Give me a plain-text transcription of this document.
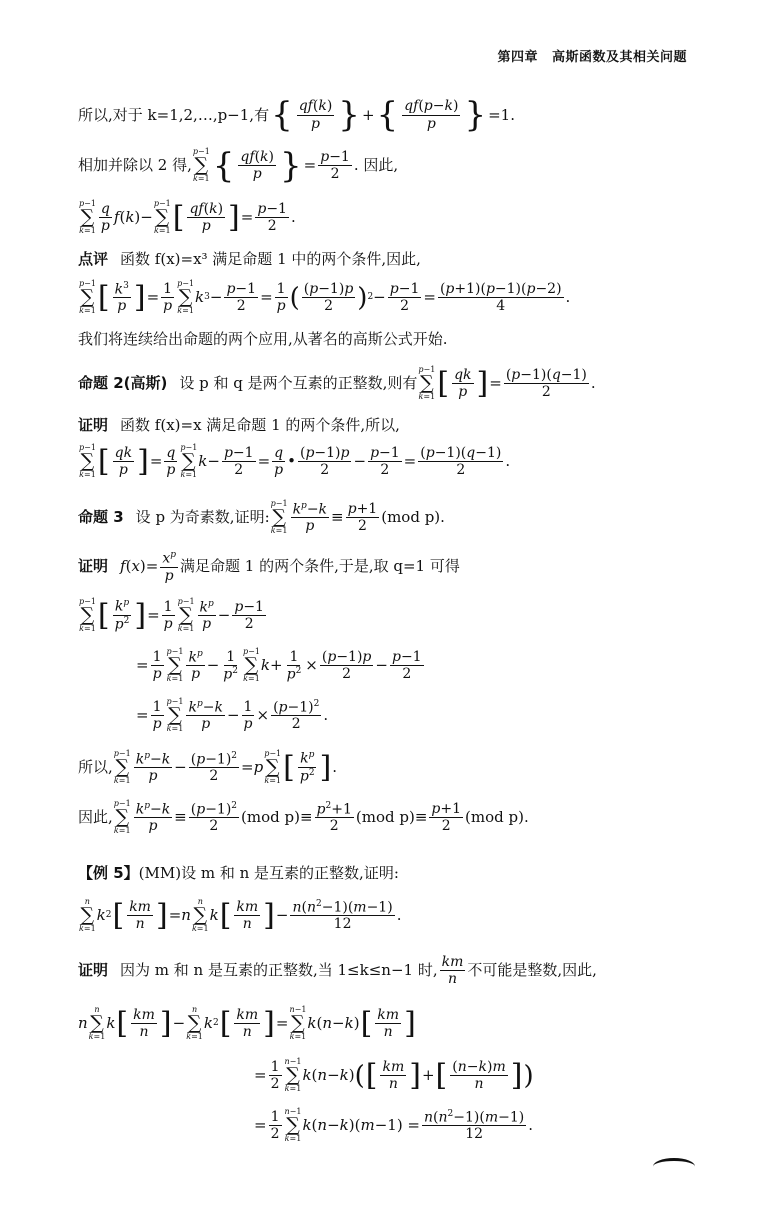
第四章 高斯函数及其相关问题
所以,对于 k=1,2,…,p−1,有 { qf(k)
p } + { qf(p−k)
p } =1.
相加并除以 2 得,
p−1
∑
k=1 { qf(k)
p } = p−1
2 . 因此,
p−1
∑
k=1
q
p f ( k )−
p−1
∑
k=1 [ qf(k)
p ] = p−1
2 .
点评 函数 f(x)=x³ 满足命题 1 中的两个条件,因此,
p−1
∑
k=1 [ $k^3$
p ] = 1
p
p−1
∑
k=1
k 3 − p−1
2 = 1
p ( (p−1)p
2 ) 2 − p−1
2 = (p+1)(p−1)(p−2)
4	.
我们将连续给出命题的两个应用,从著名的高斯公式开始.
命题 2(高斯) 设 p 和 q 是两个互素的正整数,则有
p−1
∑
k=1 [ qk
p ] = (p−1)(q−1)
2	.
证明 函数 f(x)=x 满足命题 1 的两个条件,所以,
p−1
∑
k=1 [ qk
p ] = q
p
p−1
∑
k=1
k − p−1
2 = q
p • (p−1)p
2 − p−1
2 = (p−1)(q−1)
2	.
命题 3 设 p 为奇素数,证明:
p−1
∑
k=1
$k^p-k$
p
≡ p+1
2 (mod p) .
证明 f ( x )= $x^p$
p
满足命题 1 的两个条件,于是,取 q=1 可得
p−1
∑
k=1 [ $k^p$
$p^2$ ] = 1
p
p−1
∑
k=1
$k^p$
p
− p−1
2
= 1
p
p−1
∑
k=1
$k^p$
p
− 1
$p^2$
p−1
∑
k=1
k + 1
$p^2 \times (p-1)p$
2 − p−1
2
= 1
p
p−1
∑
k=1
$k^p-k$
p
− 1
$p \times (p-1)^2$
2
.
所以,
p−1
∑
k=1
$k^p-k$
p
− $(p-1)^2$
2
= p
p−1
∑
k=1 [ $k^p$
$p^2$ ] .
因此,
p−1
∑
k=1
$k^p-k$
p
≡ $(p-1)^2$
2
(mod $p) \equiv p^2+1$
2
(mod p) ≡ p+1
2 (mod p) .
【例 5】 (MM)设 m 和 n 是互素的正整数,证明:
n
∑
k=1
k 2 [ km
n ] = n
n
∑
k=1
k [ km
n ] − $n(n^2-1)(m-1)$
12
.
证明 因为 m 和 n 是互素的正整数,当 1≤k≤n−1 时, km
n 不可能是整数,因此,
n
n
∑
k=1
k [ km
n ] −
n
∑
k=1
k 2 [ km
n ] =
n−1
∑
k=1
k ( n − k ) [ km
n ]
= 1
2
n−1
∑
k=1
k ( n − k ) ( [ km
n ] + [ (n−k)m
n ] )
= 1
2
n−1
∑
k=1
k ( n − k )( $m -1) = n(n^2-1)(m-1)$
12
.
